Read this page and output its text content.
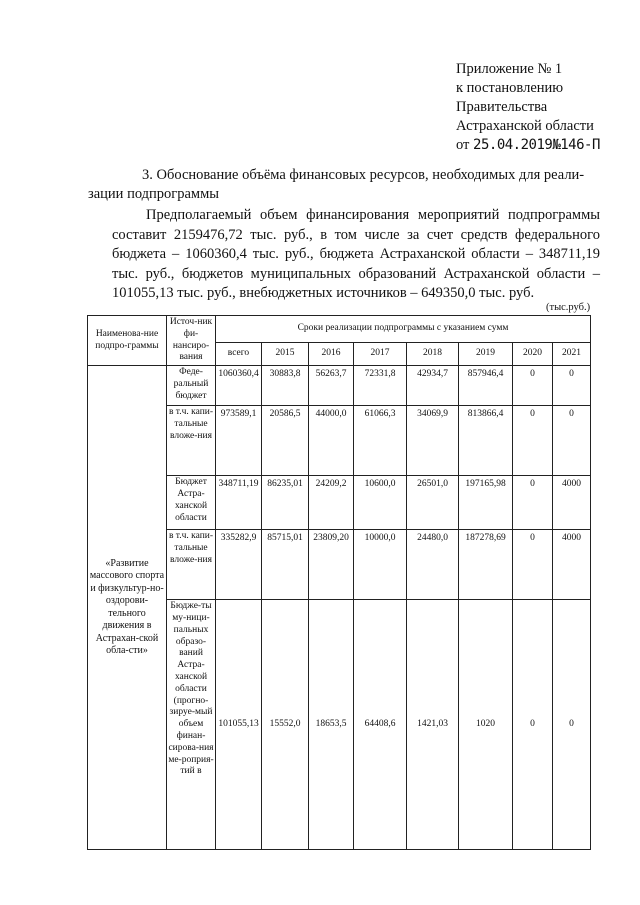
Приложение № 1
к постановлению
Правительства
Астраханской области
от 25.04.2019№146-П
3. Обоснование объёма финансовых ресурсов, необходимых для реали-
зации подпрограммы
Предполагаемый объем финансирования мероприятий подпрограммы составит 2159476,72 тыс. руб., в том числе за счет средств федерального бюджета – 1060360,4 тыс. руб., бюджета Астраханской области – 348711,19 тыс. руб., бюджетов муниципальных образований Астраханской области – 101055,13 тыс. руб., внебюджетных источников – 649350,0 тыс. руб.
(тыс.руб.)
Наименова-ние подпро-граммы	Источ-ник фи-нансиро-вания	Сроки реализации подпрограммы с указанием сумм							
		всего	2015	2016	2017	2018	2019	2020	2021
«Развитие массового спорта и физкультур-но-оздорови-тельного движения в Астрахан-ской обла-сти»	Феде-ральный бюджет	1060360,4	30883,8	56263,7	72331,8	42934,7	857946,4	0	0
	в т.ч. капи-тальные вложе-ния	973589,1	20586,5	44000,0	61066,3	34069,9	813866,4	0	0
	Бюджет Астра-ханской области	348711,19	86235,01	24209,2	10600,0	26501,0	197165,98	0	4000
	в т.ч. капи-тальные вложе-ния	335282,9	85715,01	23809,20	10000,0	24480,0	187278,69	0	4000
	Бюдже-ты му-ници-пальных образо-ваний Астра-ханской области (прогно-зируе-мый объем финан-сирова-ния ме-роприя-тий в	101055,13	15552,0	18653,5	64408,6	1421,03	1020	0	0
